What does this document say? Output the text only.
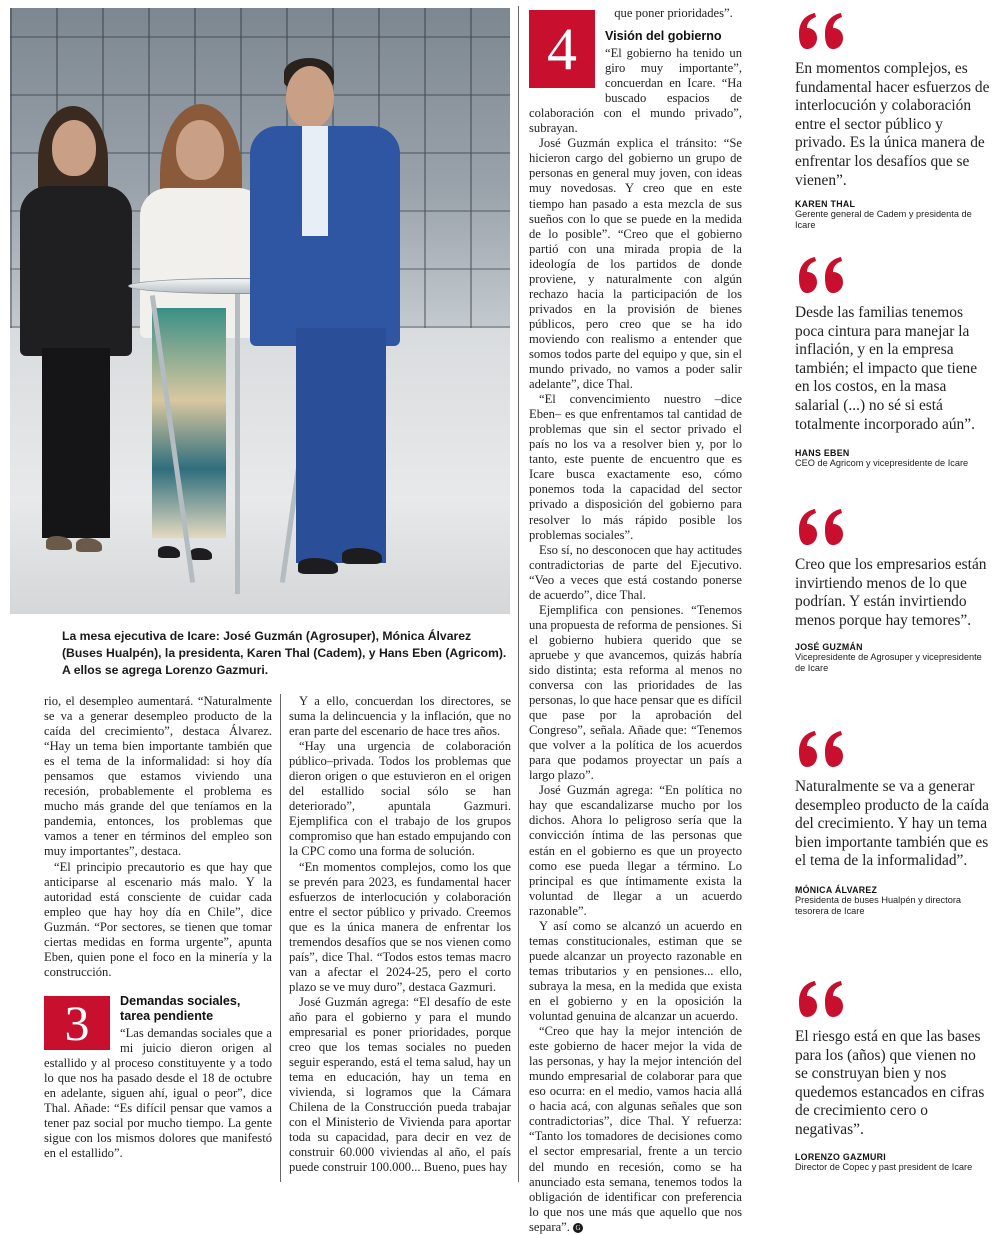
La mesa ejecutiva de Icare: José Guzmán (Agrosuper), Mónica Álvarez (Buses Hualpén), la presidenta, Karen Thal (Cadem), y Hans Eben (Agricom). A ellos se agrega Lorenzo Gazmuri.

rio, el desempleo aumentará. “Naturalmente se va a generar desempleo producto de la caída del crecimiento”, destaca Álvarez. “Hay un tema bien importante también que es el tema de la informalidad: si hoy día pensamos que estamos viviendo una recesión, probablemente el problema es mucho más grande del que teníamos en la pandemia, entonces, los problemas que vamos a tener en términos del empleo son muy importantes”, destaca.

“El principio precautorio es que hay que anticiparse al escenario más malo. Y la autoridad está consciente de cuidar cada empleo que hay hoy día en Chile”, dice Guzmán. “Por sectores, se tienen que tomar ciertas medidas en forma urgente”, apunta Eben, quien pone el foco en la minería y la construcción.

3	Demandas sociales, tarea pendiente

“Las demandas sociales que a mi juicio dieron origen al estallido y al proceso constituyente y a todo lo que nos ha pasado desde el 18 de octubre en adelante, siguen ahí, igual o peor”, dice Thal. Añade: “Es difícil pensar que vamos a tener paz social por mucho tiempo. La gente sigue con los mismos dolores que manifestó en el estallido”.

Y a ello, concuerdan los directores, se suma la delincuencia y la inflación, que no eran parte del escenario de hace tres años.

“Hay una urgencia de colaboración público–privada. Todos los problemas que dieron origen o que estuvieron en el origen del estallido social sólo se han deteriorado”, apuntala Gazmuri. Ejemplifica con el trabajo de los grupos compromiso que han estado empujando con la CPC como una forma de solución.

“En momentos complejos, como los que se prevén para 2023, es fundamental hacer esfuerzos de interlocución y colaboración entre el sector público y privado. Creemos que es la única manera de enfrentar los tremendos desafíos que se nos vienen como país”, dice Thal. “Todos estos temas macro van a afectar el 2024-25, pero el corto plazo se ve muy duro”, destaca Gazmuri.

José Guzmán agrega: “El desafío de este año para el gobierno y para el mundo empresarial es poner prioridades, porque creo que los temas sociales no pueden seguir esperando, está el tema salud, hay un tema en educación, hay un tema en vivienda, si logramos que la Cámara Chilena de la Construcción pueda trabajar con el Ministerio de Vivienda para aportar toda su capacidad, para decir en vez de construir 60.000 viviendas al año, el país puede construir 100.000... Bueno, pues hay

4

que poner prioridades”.

Visión del gobierno

“El gobierno ha tenido un giro muy importante”, concuerdan en Icare. “Ha buscado espacios de colaboración con el mundo privado”, subrayan.

José Guzmán explica el tránsito: “Se hicieron cargo del gobierno un grupo de personas en general muy joven, con ideas muy novedosas. Y creo que en este tiempo han pasado a esta mezcla de sus sueños con lo que se puede en la medida de lo posible”. “Creo que el gobierno partió con una mirada propia de la ideología de los partidos de donde proviene, y naturalmente con algún rechazo hacia la participación de los privados en la provisión de bienes públicos, pero creo que se ha ido moviendo con realismo a entender que somos todos parte del equipo y que, sin el mundo privado, no vamos a poder salir adelante”, dice Thal.

“El convencimiento nuestro –dice Eben– es que enfrentamos tal cantidad de problemas que sin el sector privado el país no los va a resolver bien y, por lo tanto, este puente de encuentro que es Icare busca exactamente eso, cómo ponemos toda la capacidad del sector privado a disposición del gobierno para resolver lo más rápido posible los problemas sociales”.

Eso sí, no desconocen que hay actitudes contradictorias de parte del Ejecutivo. “Veo a veces que está costando ponerse de acuerdo”, dice Thal.

Ejemplifica con pensiones. “Tenemos una propuesta de reforma de pensiones. Si el gobierno hubiera querido que se apruebe y que avancemos, quizás habría sido distinta; esta reforma al menos no conversa con las prioridades de las personas, lo que hace pensar que es difícil que pase por la aprobación del Congreso”, señala. Añade que: “Tenemos que volver a la política de los acuerdos para que podamos proyectar un país a largo plazo”.

José Guzmán agrega: “En política no hay que escandalizarse mucho por los dichos. Ahora lo peligroso sería que la convicción íntima de las personas que están en el gobierno es que un proyecto como ese pueda llegar a término. Lo principal es que íntimamente exista la voluntad de llegar a un acuerdo razonable”.

Y así como se alcanzó un acuerdo en temas constitucionales, estiman que se puede alcanzar un proyecto razonable en temas tributarios y en pensiones... ello, subraya la mesa, en la medida que exista en el gobierno y en la oposición la voluntad genuina de alcanzar un acuerdo.

“Creo que hay la mejor intención de este gobierno de hacer mejor la vida de las personas, y hay la mejor intención del mundo empresarial de colaborar para que eso ocurra: en el medio, vamos hacia allá o hacia acá, con algunas señales que son contradictorias”, dice Thal. Y refuerza: “Tanto los tomadores de decisiones como el sector empresarial, frente a un tercio del mundo en recesión, como se ha anunciado esta semana, tenemos todos la obligación de identificar con preferencia lo que nos une más que aquello que nos separa”. G

En momentos complejos, es fundamental hacer esfuerzos de interlocución y colaboración entre el sector público y privado. Es la única manera de enfrentar los desafíos que se vienen”.
KAREN THAL
Gerente general de Cadem y presidenta de Icare
Desde las familias tenemos poca cintura para manejar la inflación, y en la empresa también; el impacto que tiene en los costos, en la masa salarial (...) no sé si está totalmente incorporado aún”.
HANS EBEN
CEO de Agricom y vicepresidente de Icare
Creo que los empresarios están invirtiendo menos de lo que podrían. Y están invirtiendo menos porque hay temores”.
JOSÉ GUZMÁN
Vicepresidente de Agrosuper y vicepresidente de Icare
Naturalmente se va a generar desempleo producto de la caída del crecimiento. Y hay un tema bien importante también que es el tema de la informalidad”.
MÓNICA ÁLVAREZ
Presidenta de buses Hualpén y directora tesorera de Icare
El riesgo está en que las bases para los (años) que vienen no se construyan bien y nos quedemos estancados en cifras de crecimiento cero o negativas”.
LORENZO GAZMURI
Director de Copec y past president de Icare
